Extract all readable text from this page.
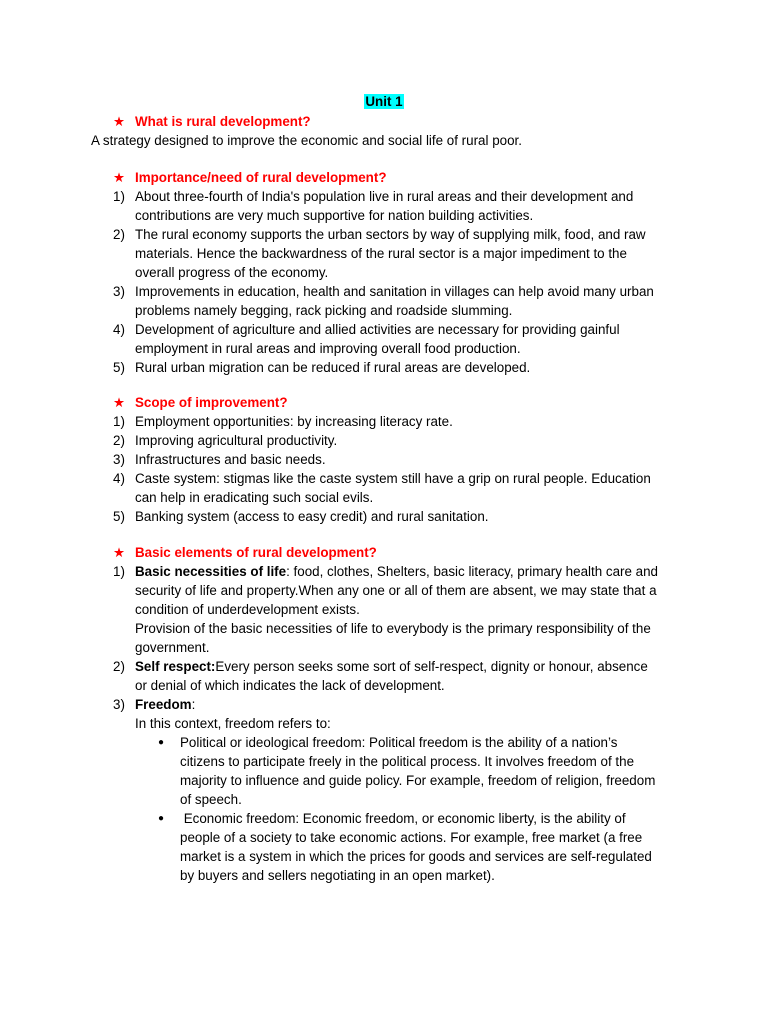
Unit 1
★ What is rural development?
A strategy designed to improve the economic and social life of rural poor.
★ Importance/need of rural development?
1) About three-fourth of India's population live in rural areas and their development and
contributions are very much supportive for nation building activities.
2) The rural economy supports the urban sectors by way of supplying milk, food, and raw
materials. Hence the backwardness of the rural sector is a major impediment to the
overall progress of the economy.
3) Improvements in education, health and sanitation in villages can help avoid many urban
problems namely begging, rack picking and roadside slumming.
4) Development of agriculture and allied activities are necessary for providing gainful
employment in rural areas and improving overall food production.
5) Rural urban migration can be reduced if rural areas are developed.
★ Scope of improvement?
1) Employment opportunities: by increasing literacy rate.
2) Improving agricultural productivity.
3) Infrastructures and basic needs.
4) Caste system: stigmas like the caste system still have a grip on rural people. Education
can help in eradicating such social evils.
5) Banking system (access to easy credit) and rural sanitation.
★ Basic elements of rural development?
1) Basic necessities of life: food, clothes, Shelters, basic literacy, primary health care and
security of life and property.When any one or all of them are absent, we may state that a
condition of underdevelopment exists.
Provision of the basic necessities of life to everybody is the primary responsibility of the
government.
2) Self respect:Every person seeks some sort of self-respect, dignity or honour, absence
or denial of which indicates the lack of development.
3) Freedom:
In this context, freedom refers to:
● Political or ideological freedom: Political freedom is the ability of a nation’s
citizens to participate freely in the political process. It involves freedom of the
majority to influence and guide policy. For example, freedom of religion, freedom
of speech.
● Economic freedom: Economic freedom, or economic liberty, is the ability of
people of a society to take economic actions. For example, free market (a free
market is a system in which the prices for goods and services are self-regulated
by buyers and sellers negotiating in an open market).
